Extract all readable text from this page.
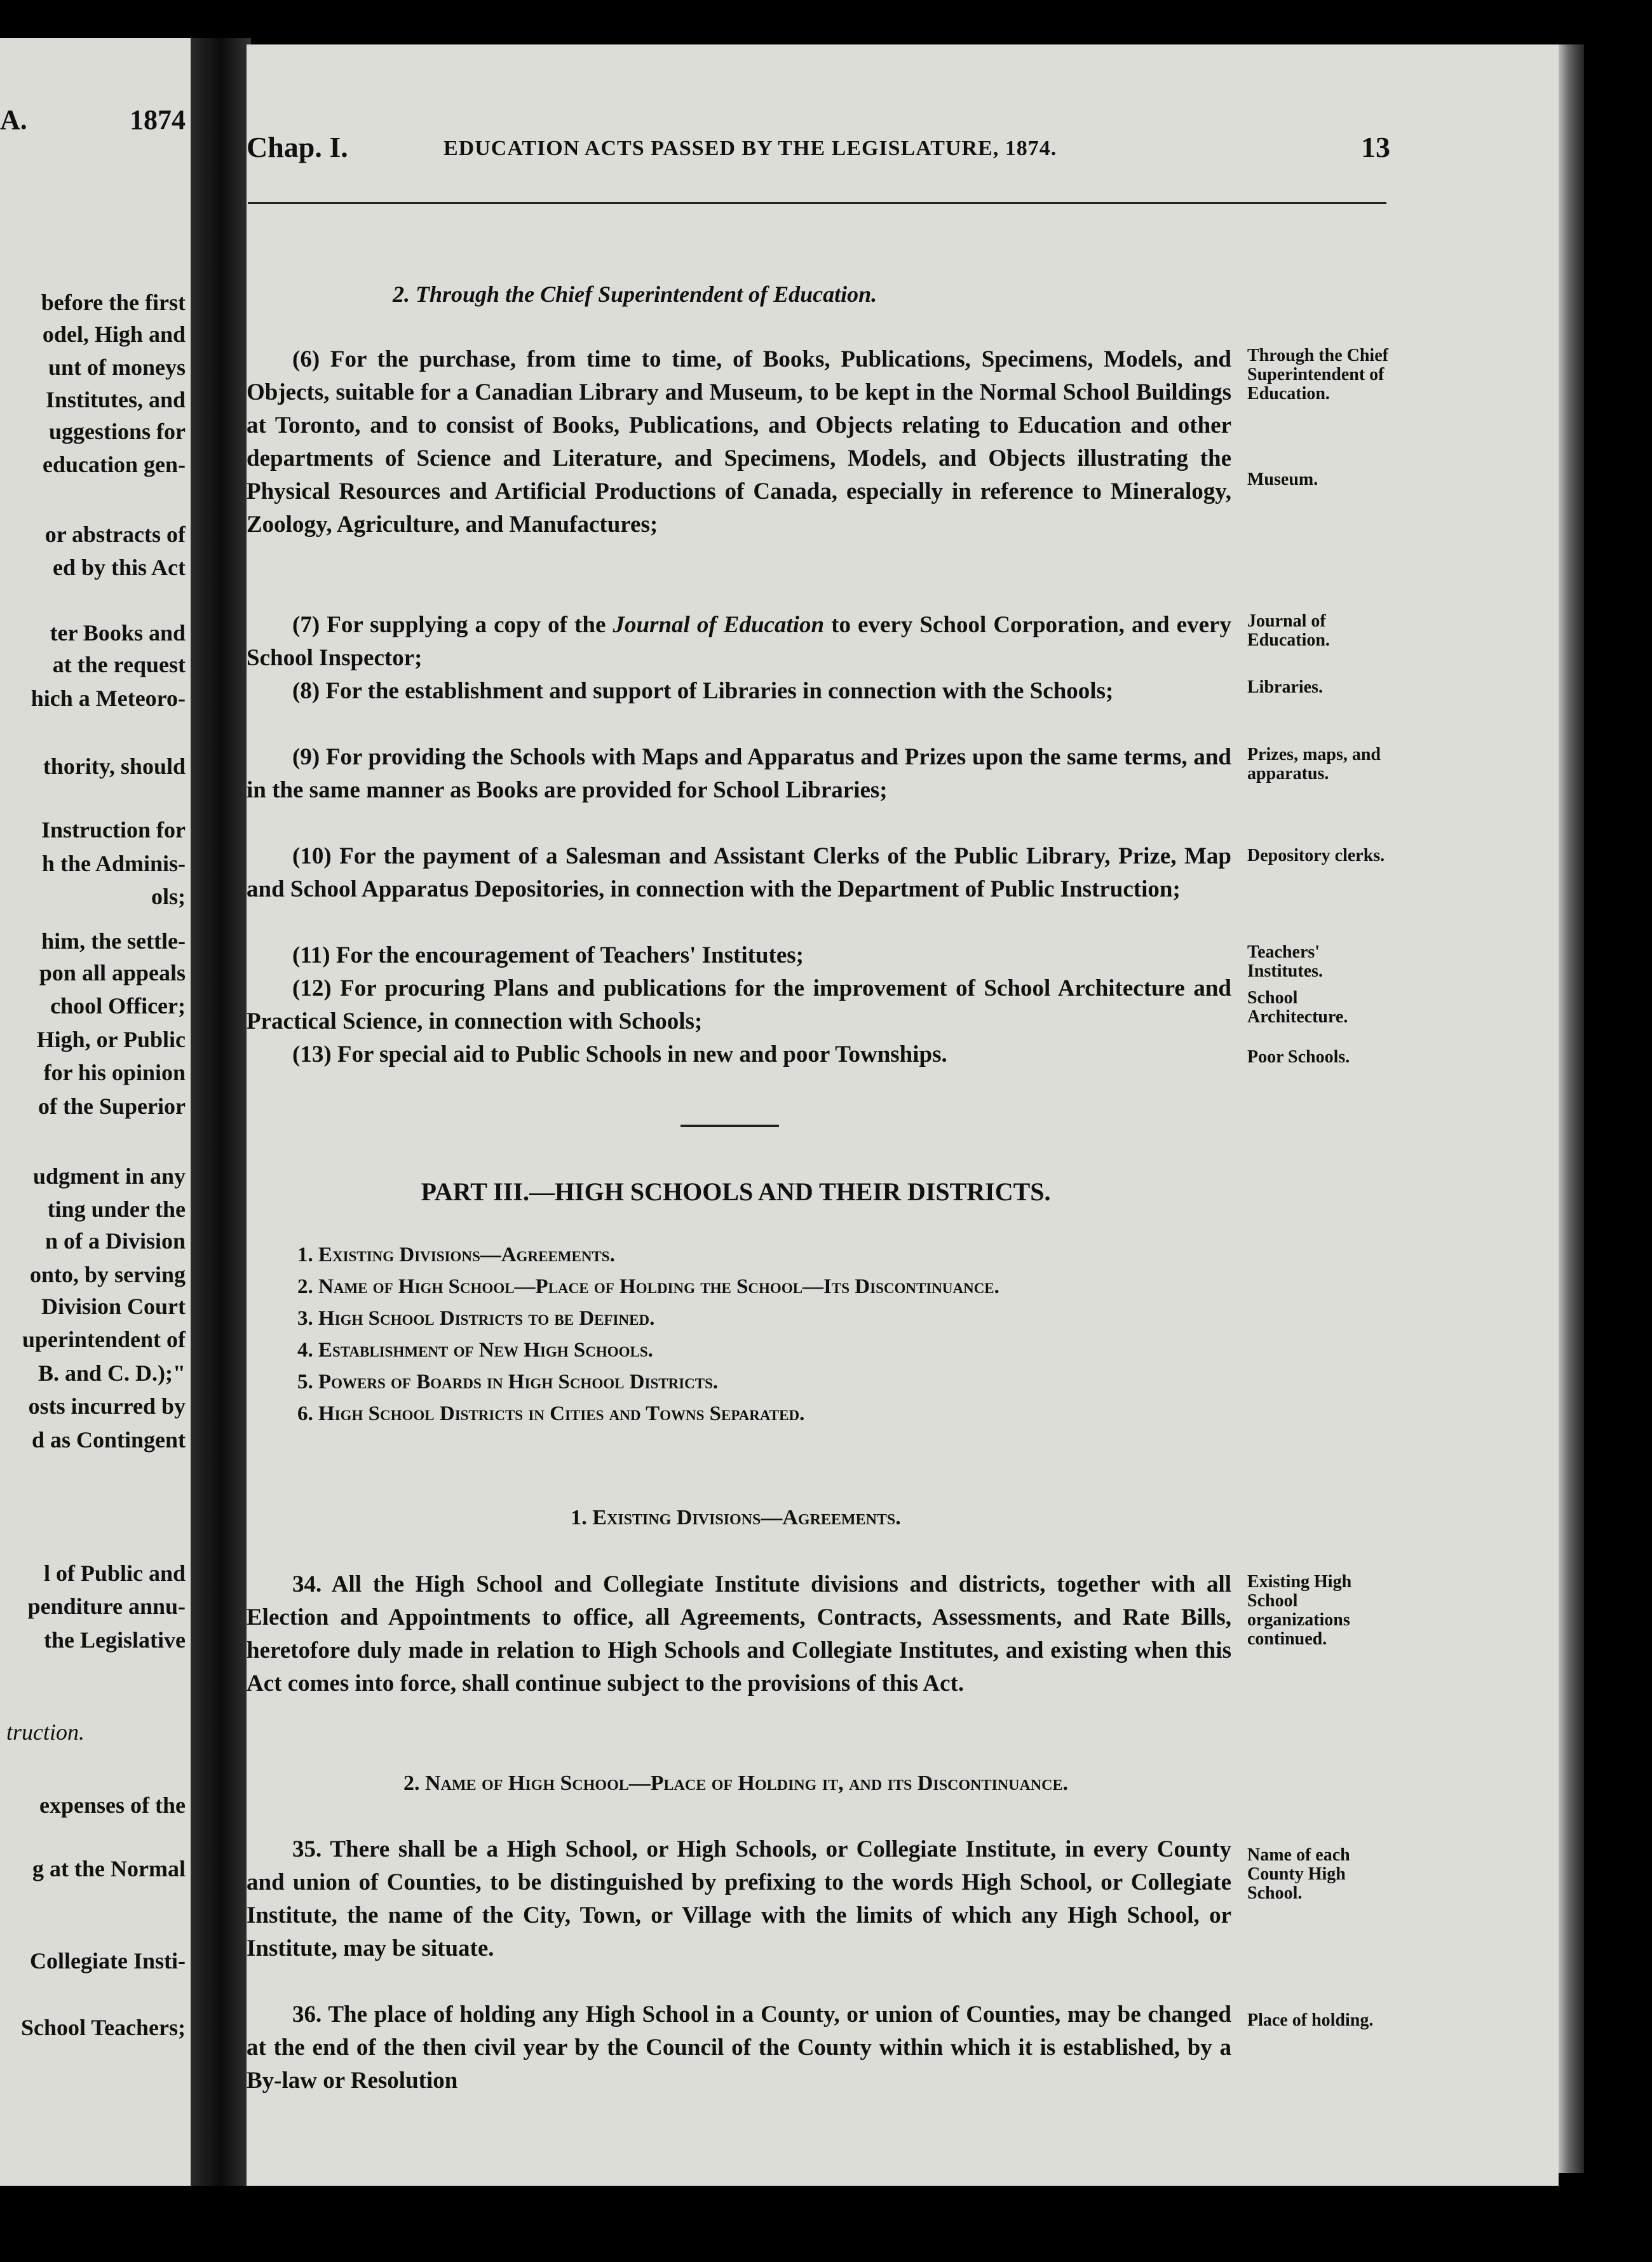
A.	1874
before the first
odel, High and
unt of moneys
Institutes, and
uggestions for
education gen-
or abstracts of
ed by this Act
ter Books and
at the request
hich a Meteoro-
thority, should
Instruction for
h the Adminis-
ols;
him, the settle-
pon all appeals
chool Officer;
High, or Public
for his opinion
of the Superior
udgment in any
ting under the
n of a Division
onto, by serving
Division Court
uperintendent of
B. and C. D.);"
osts incurred by
d as Contingent
l of Public and
penditure annu-
the Legislative
truction.
expenses of the
g at the Normal
Collegiate Insti-
School Teachers;
Chap. I.	EDUCATION ACTS PASSED BY THE LEGISLATURE, 1874.	13
2. Through the Chief Superintendent of Education.
(6) For the purchase, from time to time, of Books, Publications, Specimens, Models, and Objects, suitable for a Canadian Library and Museum, to be kept in the Normal School Buildings at Toronto, and to consist of Books, Publications, and Objects relating to Education and other departments of Science and Literature, and Specimens, Models, and Objects illustrating the Physical Resources and Artificial Productions of Canada, especially in reference to Mineralogy, Zoology, Agriculture, and Manufactures;
(7) For supplying a copy of the Journal of Education to every School Corporation, and every School Inspector;
(8) For the establishment and support of Libraries in connection with the Schools;
(9) For providing the Schools with Maps and Apparatus and Prizes upon the same terms, and in the same manner as Books are provided for School Libraries;
(10) For the payment of a Salesman and Assistant Clerks of the Public Library, Prize, Map and School Apparatus Depositories, in connection with the Department of Public Instruction;
(11) For the encouragement of Teachers' Institutes;
(12) For procuring Plans and publications for the improvement of School Architecture and Practical Science, in connection with Schools;
(13) For special aid to Public Schools in new and poor Townships.
PART III.—HIGH SCHOOLS AND THEIR DISTRICTS.
1. Existing Divisions—Agreements.
2. Name of High School—Place of Holding the School—Its Discontinuance.
3. High School Districts to be Defined.
4. Establishment of New High Schools.
5. Powers of Boards in High School Districts.
6. High School Districts in Cities and Towns Separated.
1. Existing Divisions—Agreements.
34. All the High School and Collegiate Institute divisions and districts, together with all Election and Appointments to office, all Agreements, Contracts, Assessments, and Rate Bills, heretofore duly made in relation to High Schools and Collegiate Institutes, and existing when this Act comes into force, shall continue subject to the provisions of this Act.
2. Name of High School—Place of Holding it, and its Discontinuance.
35. There shall be a High School, or High Schools, or Collegiate Institute, in every County and union of Counties, to be distinguished by prefixing to the words High School, or Collegiate Institute, the name of the City, Town, or Village with the limits of which any High School, or Institute, may be situate.
36. The place of holding any High School in a County, or union of Counties, may be changed at the end of the then civil year by the Council of the County within which it is established, by a By-law or Resolution
Through the Chief Superintendent of Education.
Museum.
Journal of Education.
Libraries.
Prizes, maps, and apparatus.
Depository clerks.
Teachers' Institutes.
School Architecture.
Poor Schools.
Existing High School organizations continued.
Name of each County High School.
Place of holding.
